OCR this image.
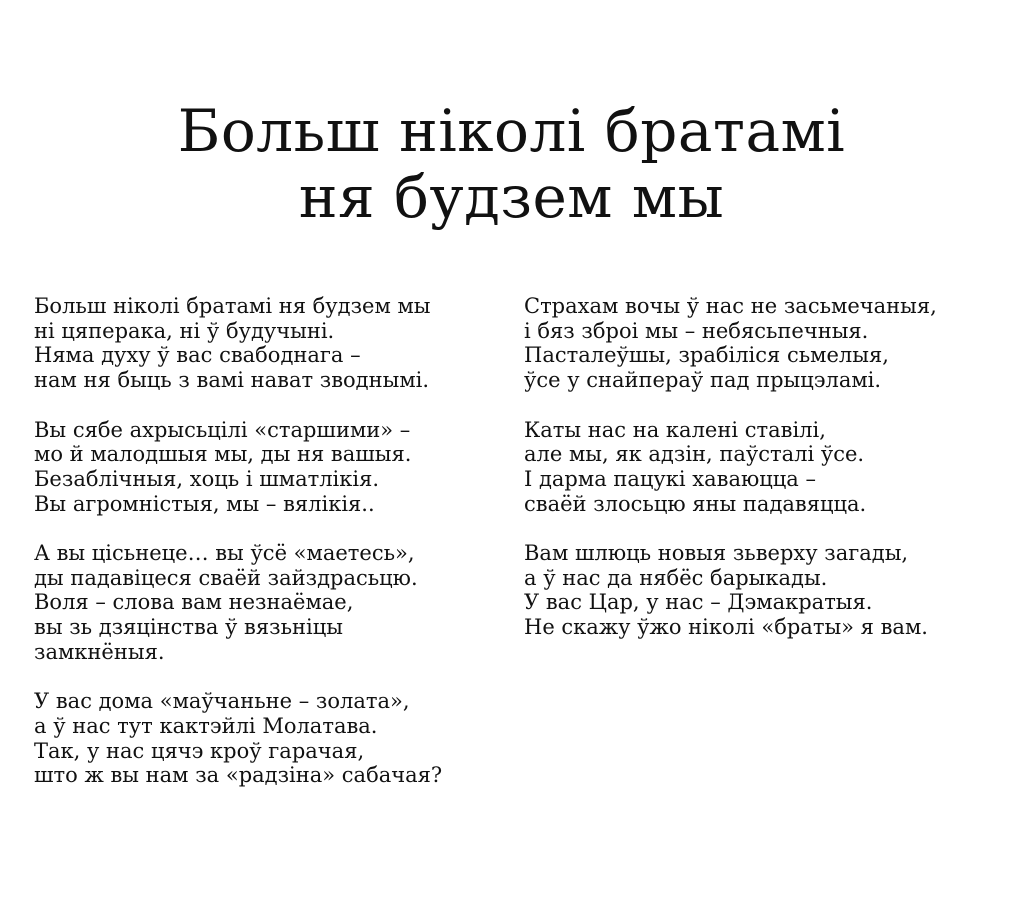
Больш ніколі братамі
ня будзем мы
Больш ніколі братамі ня будзем мы
ні цяперака, ні ў будучыні.
Няма духу ў вас свабоднага –
нам ня быць з вамі нават зводнымі.
Вы сябе ахрысьцілі «старшими» –
мо й малодшыя мы, ды ня вашыя.
Безаблічныя, хоць і шматлікія.
Вы агромністыя, мы – вялікія..
А вы цісьнеце… вы ўсё «маетесь»,
ды падавіцеся сваёй зайздрасьцю.
Воля – слова вам незнаёмае,
вы зь дзяцінства ў вязьніцы
замкнёныя.
У вас дома «маўчаньне – золата»,
а ў нас тут кактэйлі Молатава.
Так, у нас цячэ кроў гарачая,
што ж вы нам за «радзіна» сабачая?
Страхам вочы ў нас не засьмечаныя,
і бяз зброі мы – небясьпечныя.
Пасталеўшы, зрабіліся сьмелыя,
ўсе у снайпераў пад прыцэламі.
Каты нас на калені ставілі,
але мы, як адзін, паўсталі ўсе.
І дарма пацукі хаваюцца –
сваёй злосьцю яны падавяцца.
Вам шлюць новыя зьверху загады,
а ў нас да нябёс барыкады.
У вас Цар, у нас – Дэмакратыя.
Не скажу ўжо ніколі «браты» я вам.
